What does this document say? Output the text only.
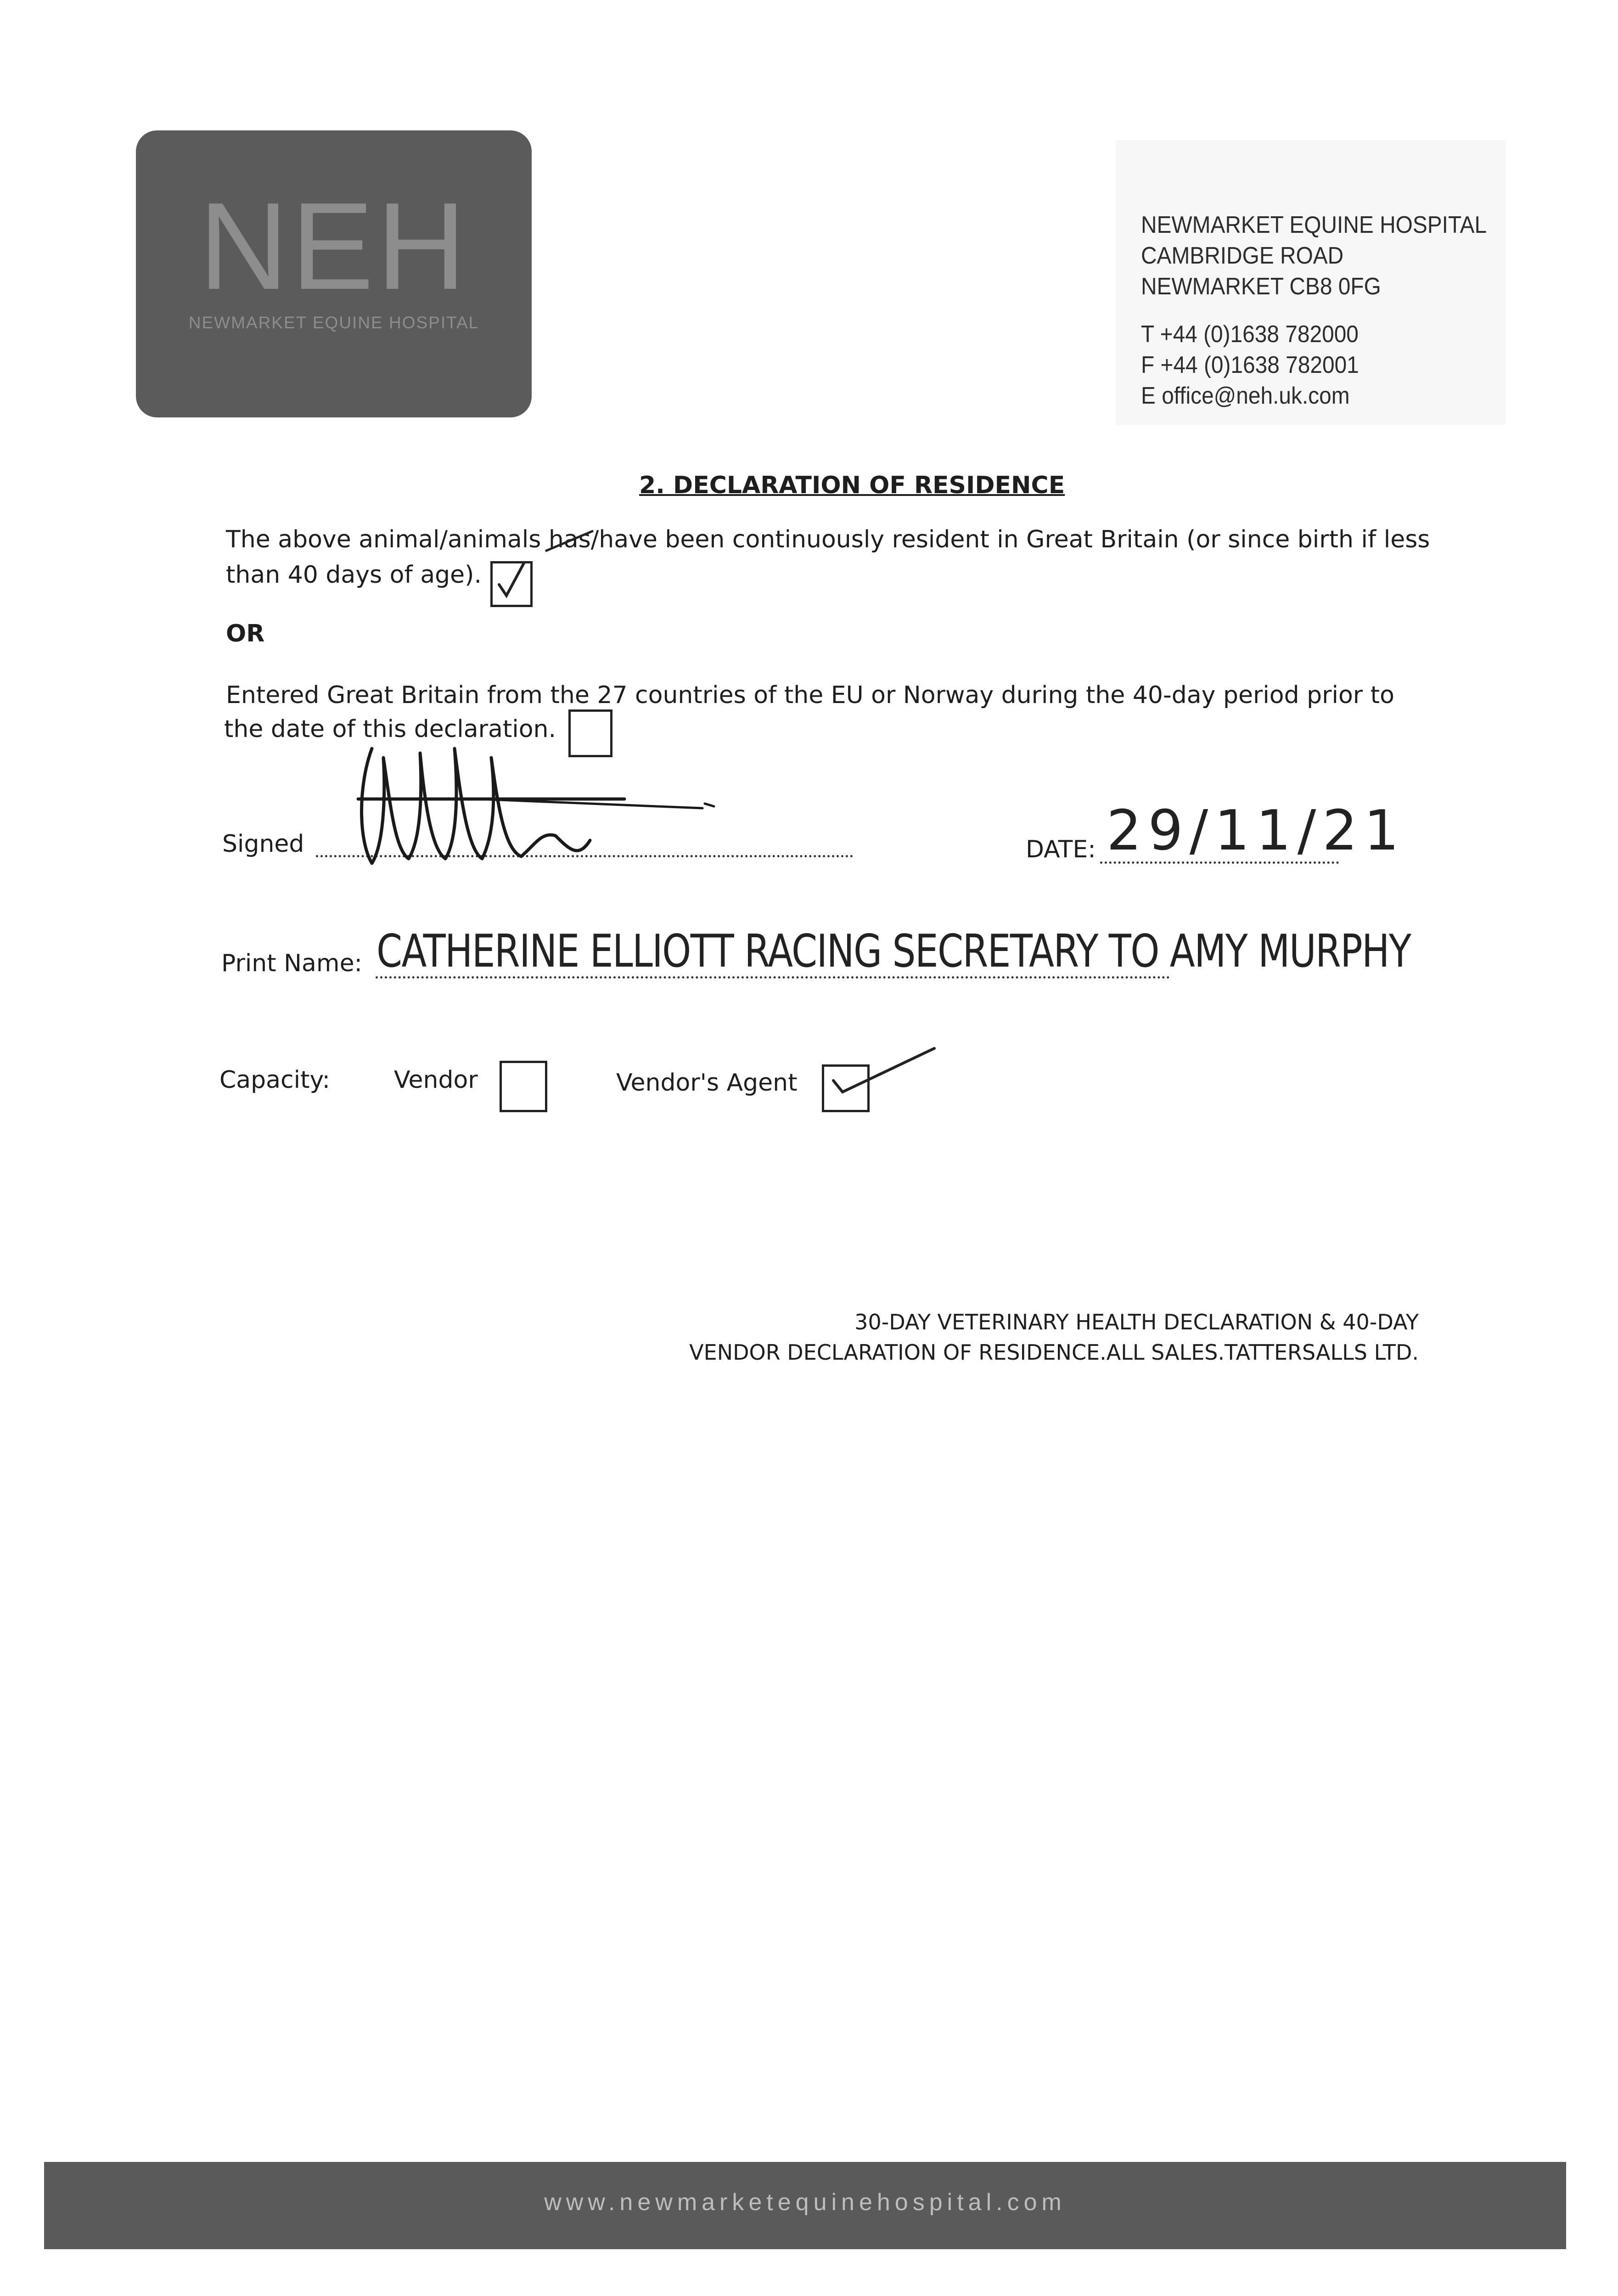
NEH
NEWMARKET EQUINE HOSPITAL
NEWMARKET EQUINE HOSPITAL
CAMBRIDGE ROAD
NEWMARKET CB8 0FG
T +44 (0)1638 782000
F +44 (0)1638 782001
E office@neh.uk.com
2. DECLARATION OF RESIDENCE
The above animal/animals has/have been continuously resident in Great Britain (or since birth if less
than 40 days of age).
OR
Entered Great Britain from the 27 countries of the EU or Norway during the 40-day period prior to
the date of this declaration.
Signed	DATE: 29/11/21
Print Name: CATHERINE ELLIOTT RACING SECRETARY TO AMY MURPHY
Capacity:	Vendor	Vendor's Agent
30-DAY VETERINARY HEALTH DECLARATION & 40-DAY
VENDOR DECLARATION OF RESIDENCE.ALL SALES.TATTERSALLS LTD.
www.newmarketequinehospital.com
